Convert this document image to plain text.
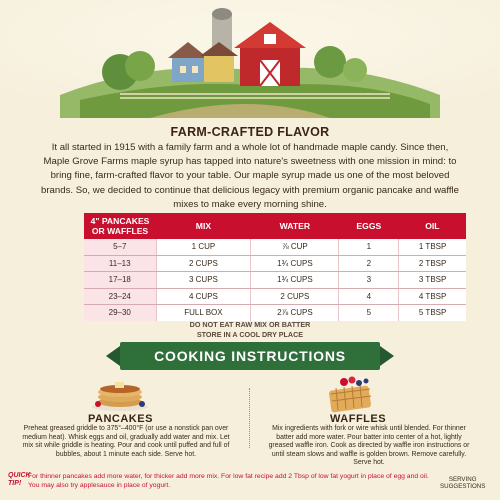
FARM-CRAFTED FLAVOR
It all started in 1915 with a family farm and a whole lot of handmade maple candy. Since then, Maple Grove Farms maple syrup has tapped into nature's sweetness with one mission in mind: to bring fine, farm-crafted flavor to your table. Our maple syrup made us one of the most beloved brands. So, we decided to continue that delicious legacy with premium organic pancake and waffle mixes to make every morning shine.
4" PANCAKES OR WAFFLES	MIX	WATER	EGGS	OIL
5–7	1 CUP	⅞ CUP	1	1 TBSP
11–13	2 CUPS	1¾ CUPS	2	2 TBSP
17–18	3 CUPS	1¾ CUPS	3	3 TBSP
23–24	4 CUPS	2 CUPS	4	4 TBSP
29–30	FULL BOX	2⅞ CUPS	5	5 TBSP
DO NOT EAT RAW MIX OR BATTER
STORE IN A COOL DRY PLACE
COOKING INSTRUCTIONS
PANCAKES
Preheat greased griddle to 375°–400°F (or use a nonstick pan over medium heat). Whisk eggs and oil, gradually add water and mix. Let mix sit while griddle is heating. Pour and cook until puffed and full of bubbles, about 1 minute each side. Serve hot.
WAFFLES
Mix ingredients with fork or wire whisk until blended. For thinner batter add more water. Pour batter into center of a hot, lightly greased waffle iron. Cook as directed by waffle iron instructions or until steam slows and waffle is golden brown. Remove carefully. Serve hot.
QUICK TIP!
For thinner pancakes add more water, for thicker add more mix. For low fat recipe add 2 Tbsp of low fat yogurt in place of egg and oil. You may also try applesauce in place of yogurt.
SERVING
SUGGESTIONS
